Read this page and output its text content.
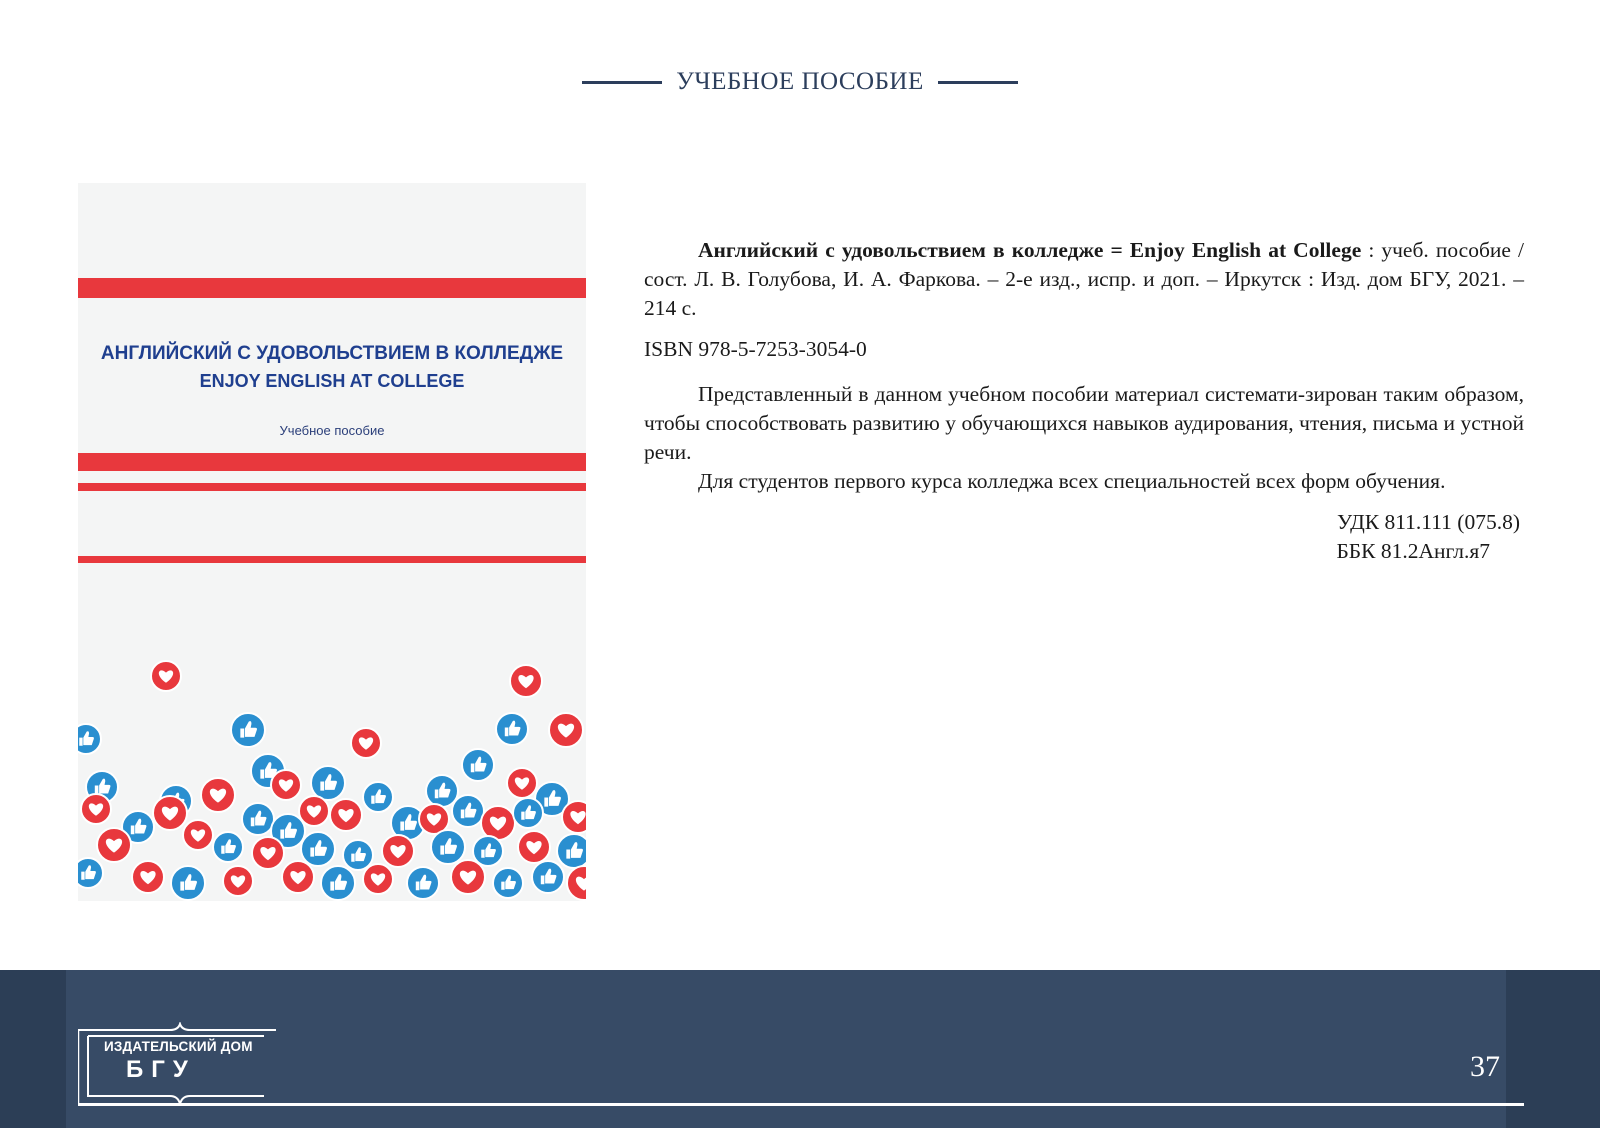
УЧЕБНОЕ ПОСОБИЕ
АНГЛИЙСКИЙ С УДОВОЛЬСТВИЕМ В КОЛЛЕДЖЕ
ENJOY ENGLISH AT COLLEGE
Учебное пособие

Английский с удовольствием в колледже = Enjoy English at College : учеб. пособие / сост. Л. В. Голубова, И. А. Фаркова. – 2-е изд., испр. и доп. – Иркутск : Изд. дом БГУ, 2021. – 214 с.

ISBN 978-5-7253-3054-0

Представленный в данном учебном пособии материал системати-зирован таким образом, чтобы способствовать развитию у обучающихся навыков аудирования, чтения, письма и устной речи.

Для студентов первого курса колледжа всех специальностей всех форм обучения.

УДК 811.111 (075.8)

ББК 81.2Англ.я7

ИЗДАТЕЛЬСКИЙ ДОМ
БГУ	37
